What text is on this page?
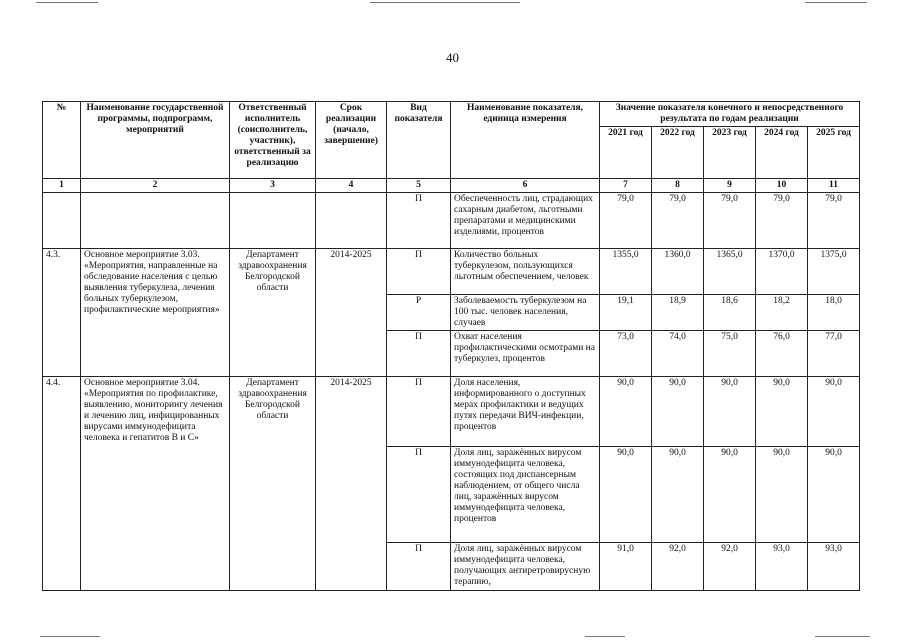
40
№	Наименование государственной программы, подпрограмм, мероприятий	Ответственный исполнитель (соисполнитель, участник), ответственный за реализацию	Срок реализации (начало, завершение)	Вид показателя	Наименование показателя, единица измерения	Значение показателя конечного и непосредственного результата по годам реализации				
						2021 год	2022 год	2023 год	2024 год	2025 год
1	2	3	4	5	6	7	8	9	10	11
				П	Обеспеченность лиц, страдающих сахарным диабетом, льготными препаратами и медицинскими изделиями, процентов	79,0	79,0	79,0	79,0	79,0
4.3.	Основное мероприятие 3.03. «Мероприятия, направленные на обследование населения с целью выявления туберкулеза, лечения больных туберкулезом, профилактические мероприятия»	Департамент здравоохранения Белгородской области	2014-2025	П	Количество больных туберкулезом, пользующихся льготным обеспечением, человек	1355,0	1360,0	1365,0	1370,0	1375,0
				Р	Заболеваемость туберкулезом на 100 тыс. человек населения, случаев	19,1	18,9	18,6	18,2	18,0
				П	Охват населения профилактическими осмотрами на туберкулез, процентов	73,0	74,0	75,0	76,0	77,0
4.4.	Основное мероприятие 3.04. «Мероприятия по профилактике, выявлению, мониторингу лечения и лечению лиц, инфицированных вирусами иммунодефицита человека и гепатитов В и С»	Департамент здравоохранения Белгородской области	2014-2025	П	Доля населения, информированного о доступных мерах профилактики и ведущих путях передачи ВИЧ-инфекции, процентов	90,0	90,0	90,0	90,0	90,0
				П	Доля лиц, заражённых вирусом иммунодефицита человека, состоящих под диспансерным наблюдением, от общего числа лиц, заражённых вирусом иммунодефицита человека, процентов	90,0	90,0	90,0	90,0	90,0
				П	Доля лиц, заражённых вирусом иммунодефицита человека, получающих антиретровирусную терапию,	91,0	92,0	92,0	93,0	93,0
